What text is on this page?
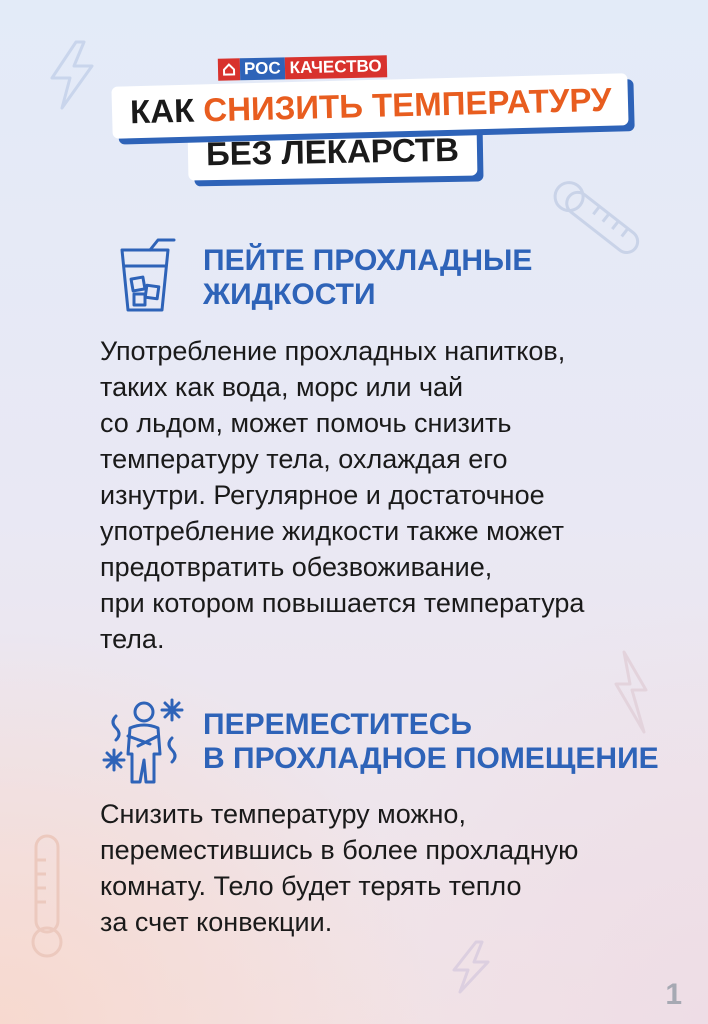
РОС КАЧЕСТВО
КАК СНИЗИТЬ ТЕМПЕРАТУРУ
БЕЗ ЛЕКАРСТВ
ПЕЙТЕ ПРОХЛАДНЫЕ
ЖИДКОСТИ
Употребление прохладных напитков,
таких как вода, морс или чай
со льдом, может помочь снизить
температуру тела, охлаждая его
изнутри. Регулярное и достаточное
употребление жидкости также может
предотвратить обезвоживание,
при котором повышается температура
тела.
ПЕРЕМЕСТИТЕСЬ
В ПРОХЛАДНОЕ ПОМЕЩЕНИЕ
Снизить температуру можно,
переместившись в более прохладную
комнату. Тело будет терять тепло
за счет конвекции.
1
